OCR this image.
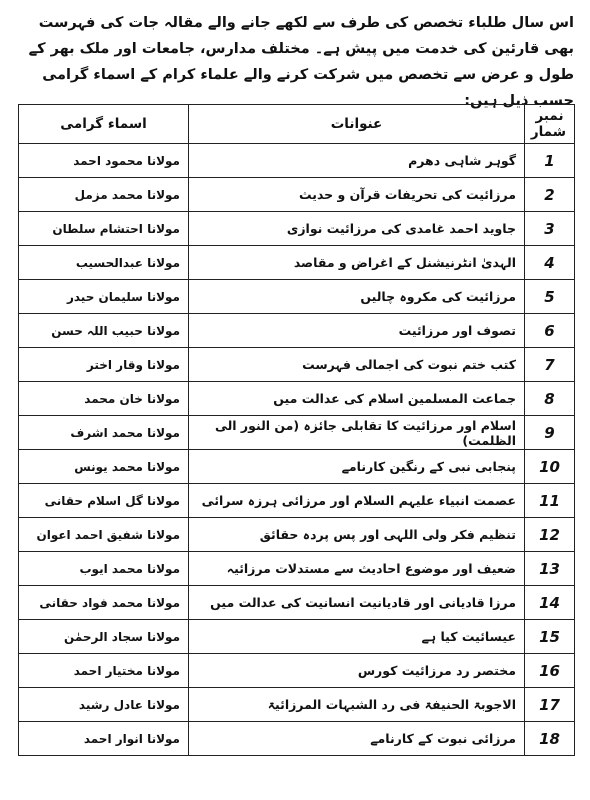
اس سال طلباء تخصص کی طرف سے لکھے جانے والے مقالہ جات کی فہرست بھی قارئین کی خدمت میں پیش ہے۔ مختلف مدارس، جامعات اور ملک بھر کے طول و عرض سے تخصص میں شرکت کرنے والے علماء کرام کے اسماء گرامی حسب ذیل ہیں:

نمبر شمار	عنوانات	اسماء گرامی
1	گوہر شاہی دھرم	مولانا محمود احمد
2	مرزائیت کی تحریفات قرآن و حدیث	مولانا محمد مزمل
3	جاوید احمد غامدی کی مرزائیت نوازی	مولانا احتشام سلطان
4	الہدیٰ انٹرنیشنل کے اغراض و مقاصد	مولانا عبدالحسیب
5	مرزائیت کی مکروہ چالیں	مولانا سلیمان حیدر
6	تصوف اور مرزائیت	مولانا حبیب اللہ حسن
7	کتب ختم نبوت کی اجمالی فہرست	مولانا وقار اختر
8	جماعت المسلمین اسلام کی عدالت میں	مولانا خان محمد
9	اسلام اور مرزائیت کا تقابلی جائزہ (من النور الی الظلمت)	مولانا محمد اشرف
10	پنجابی نبی کے رنگین کارنامے	مولانا محمد یونس
11	عصمت انبیاء علیہم السلام اور مرزائی ہرزہ سرائی	مولانا گل اسلام حقانی
12	تنظیم فکر ولی اللہی اور پس پردہ حقائق	مولانا شفیق احمد اعوان
13	ضعیف اور موضوع احادیث سے مستدلات مرزائیہ	مولانا محمد ایوب
14	مرزا قادیانی اور قادیانیت انسانیت کی عدالت میں	مولانا محمد فواد حقانی
15	عیسائیت کیا ہے	مولانا سجاد الرحمٰن
16	مختصر رد مرزائیت کورس	مولانا مختیار احمد
17	الاجوبۃ الحنیفۃ فی رد الشبہات المرزائیۃ	مولانا عادل رشید
18	مرزائی نبوت کے کارنامے	مولانا انوار احمد
